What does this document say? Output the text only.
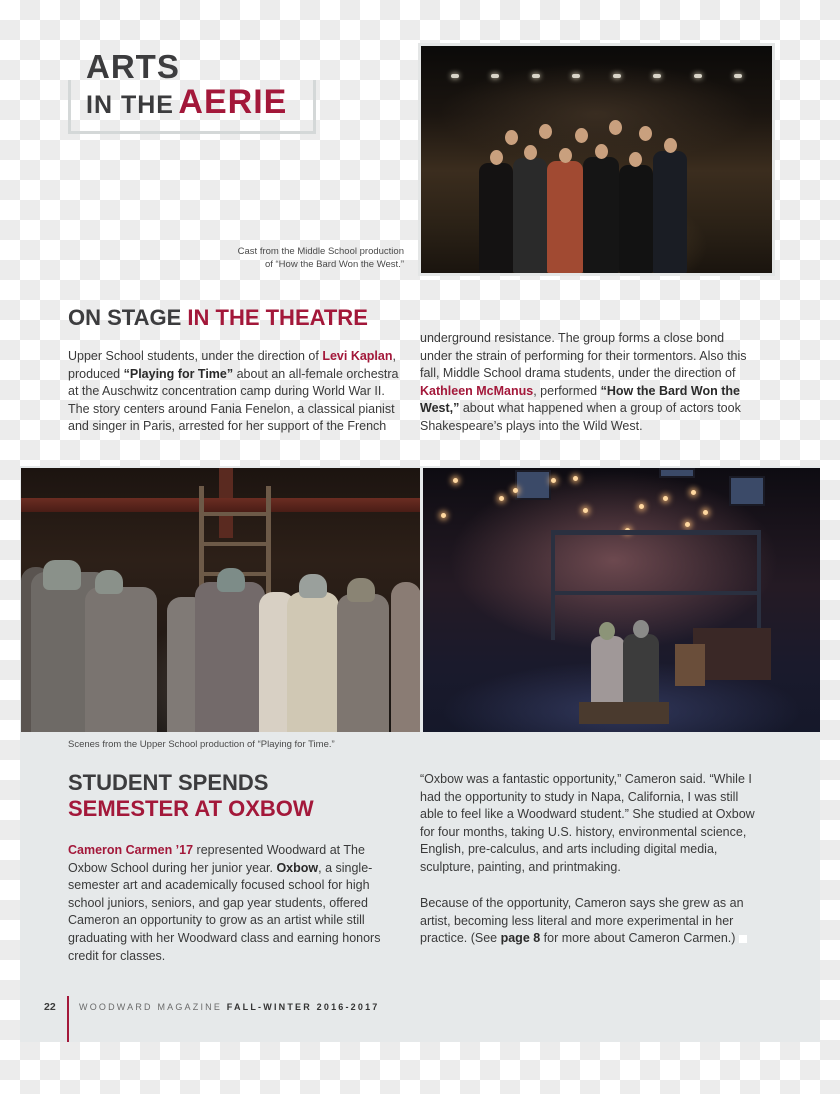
ARTS
IN THE AERIE
Cast from the Middle School production
of “How the Bard Won the West.”
ON STAGE IN THE THEATRE
Upper School students, under the direction of Levi Kaplan, produced “Playing for Time” about an all-female orchestra at the Auschwitz concentration camp during World War II. The story centers around Fania Fenelon, a classical pianist and singer in Paris, arrested for her support of the French
underground resistance. The group forms a close bond under the strain of performing for their tormentors. Also this fall, Middle School drama students, under the direction of Kathleen McManus, performed “How the Bard Won the West,” about what happened when a group of actors took Shakespeare’s plays into the Wild West.
Scenes from the Upper School production of “Playing for Time.”
STUDENT SPENDS
SEMESTER AT OXBOW
Cameron Carmen ’17 represented Woodward at The Oxbow School during her junior year. Oxbow, a single-semester art and academically focused school for high school juniors, seniors, and gap year students, offered Cameron an opportunity to grow as an artist while still graduating with her Woodward class and earning honors credit for classes.
“Oxbow was a fantastic opportunity,” Cameron said. “While I had the opportunity to study in Napa, California, I was still able to feel like a Woodward student.” She studied at Oxbow for four months, taking U.S. history, environmental science, English, pre-calculus, and arts including digital media, sculpture, painting, and printmaking.
Because of the opportunity, Cameron says she grew as an artist, becoming less literal and more experimental in her practice. (See page 8 for more about Cameron Carmen.)
22	WOODWARD MAGAZINE FALL-WINTER 2016-2017
